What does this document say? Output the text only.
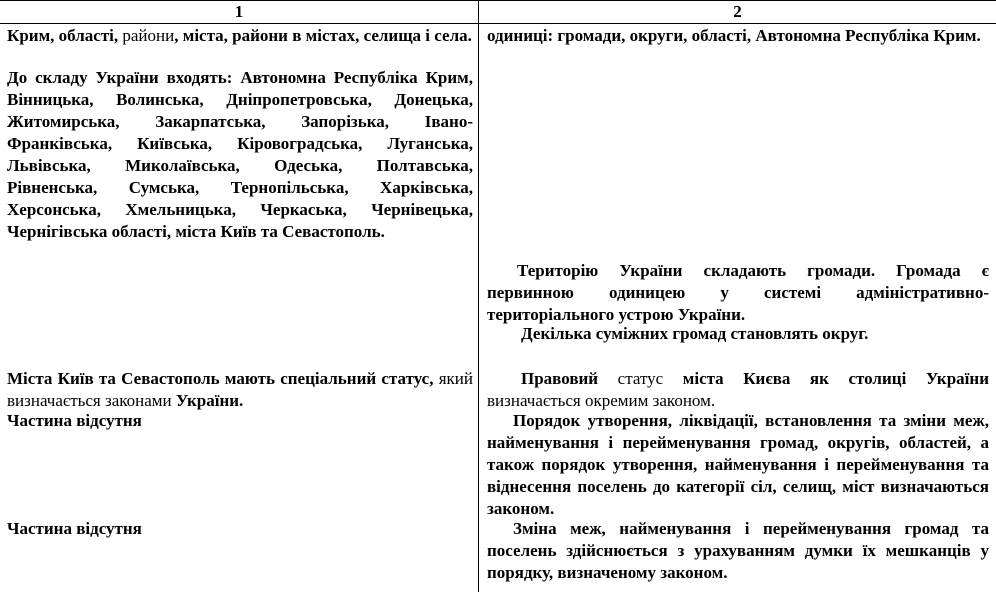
1	2

Крим, області, райони, міста, райони в містах, селища і села.

До складу України входять: Автономна Республіка Крим, Вінницька, Волинська, Дніпропетровська, Донецька, Житомирська, Закарпатська, Запорізька, Івано-Франківська, Київська, Кіровоградська, Луганська, Львівська, Миколаївська, Одеська, Полтавська, Рівненська, Сумська, Тернопільська, Харківська, Херсонська, Хмельницька, Черкаська, Чернівецька, Чернігівська області, міста Київ та Севастополь.

Міста Київ та Севастополь мають спеціальний статус, який визначається законами України.

Частина відсутня

Частина відсутня

одиниці: громади, округи, області, Автономна Республіка Крим.

Територію України складають громади. Громада є первинною одиницею у системі адміністративно-територіального устрою України.

Декілька суміжних громад становлять округ.

Правовий статус міста Києва як столиці України визначається окремим законом.

Порядок утворення, ліквідації, встановлення та зміни меж, найменування і перейменування громад, округів, областей, а також порядок утворення, найменування і перейменування та віднесення поселень до категорії сіл, селищ, міст визначаються законом.

Зміна меж, найменування і перейменування громад та поселень здійснюється з урахуванням думки їх мешканців у порядку, визначеному законом.
